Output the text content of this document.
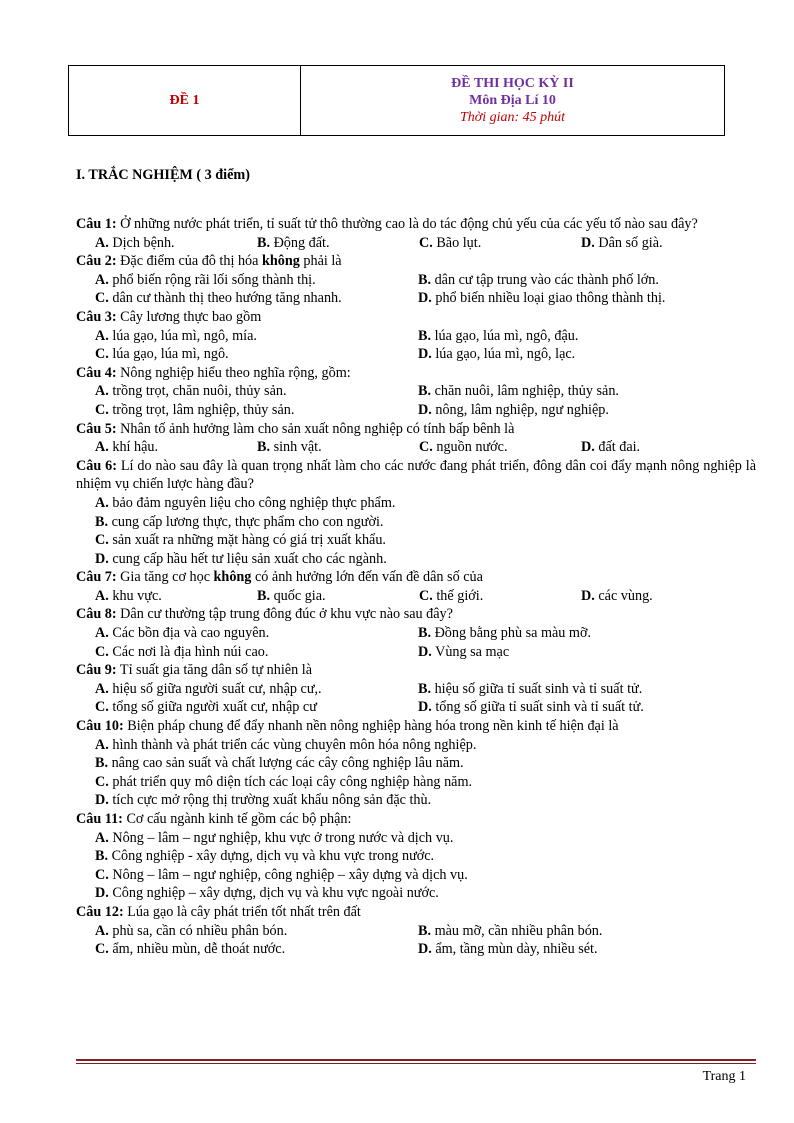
ĐỀ 1	
ĐỀ THI HỌC KỲ II
Môn Địa Lí 10
Thời gian: 45 phút
I. TRẮC NGHIỆM ( 3 điểm)
Câu 1: Ở những nước phát triển, tỉ suất tử thô thường cao là do tác động chủ yếu của các yếu tố nào sau đây?
A. Dịch bệnh.	B. Động đất.	C. Bão lụt.	D. Dân số già.
Câu 2: Đặc điểm của đô thị hóa không phải là
A. phổ biến rộng rãi lối sống thành thị.	B. dân cư tập trung vào các thành phố lớn.
C. dân cư thành thị theo hướng tăng nhanh.	D. phổ biến nhiều loại giao thông thành thị.
Câu 3: Cây lương thực bao gồm
A. lúa gạo, lúa mì, ngô, mía.	B. lúa gạo, lúa mì, ngô, đậu.
C. lúa gạo, lúa mì, ngô.	D. lúa gạo, lúa mì, ngô, lạc.
Câu 4: Nông nghiệp hiểu theo nghĩa rộng, gồm:
A. trồng trọt, chăn nuôi, thủy sản.	B. chăn nuôi, lâm nghiệp, thủy sản.
C. trồng trọt, lâm nghiệp, thủy sản.	D. nông, lâm nghiệp, ngư nghiệp.
Câu 5: Nhân tố ảnh hưởng làm cho sản xuất nông nghiệp có tính bấp bênh là
A. khí hậu.	B. sinh vật.	C. nguồn nước.	D. đất đai.
Câu 6: Lí do nào sau đây là quan trọng nhất làm cho các nước đang phát triển, đông dân coi đẩy mạnh nông nghiệp là nhiệm vụ chiến lược hàng đầu?
A. bảo đảm nguyên liệu cho công nghiệp thực phẩm.
B. cung cấp lương thực, thực phẩm cho con người.
C. sản xuất ra những mặt hàng có giá trị xuất khẩu.
D. cung cấp hầu hết tư liệu sản xuất cho các ngành.
Câu 7: Gia tăng cơ học không có ảnh hưởng lớn đến vấn đề dân số của
A. khu vực.	B. quốc gia.	C. thế giới.	D. các vùng.
Câu 8: Dân cư thường tập trung đông đúc ở khu vực nào sau đây?
A. Các bồn địa và cao nguyên.	B. Đồng bằng phù sa màu mỡ.
C. Các nơi là địa hình núi cao.	D. Vùng sa mạc
Câu 9: Tỉ suất gia tăng dân số tự nhiên là
A. hiệu số giữa người suất cư, nhập cư,.	B. hiệu số giữa tỉ suất sinh và tỉ suất tử.
C. tổng số giữa người xuất cư, nhập cư	D. tổng số giữa tỉ suất sinh và tỉ suất tử.
Câu 10: Biện pháp chung để đẩy nhanh nền nông nghiệp hàng hóa trong nền kinh tế hiện đại là
A. hình thành và phát triển các vùng chuyên môn hóa nông nghiệp.
B. nâng cao sản suất và chất lượng các cây công nghiệp lâu năm.
C. phát triển quy mô diện tích các loại cây công nghiệp hàng năm.
D. tích cực mở rộng thị trường xuất khẩu nông sản đặc thù.
Câu 11: Cơ cấu ngành kinh tế gồm các bộ phận:
A. Nông – lâm – ngư nghiệp, khu vực ở trong nước và dịch vụ.
B. Công nghiệp - xây dựng, dịch vụ và khu vực trong nước.
C. Nông – lâm – ngư nghiệp, công nghiệp – xây dựng và dịch vụ.
D. Công nghiệp – xây dựng, dịch vụ và khu vực ngoài nước.
Câu 12: Lúa gạo là cây phát triển tốt nhất trên đất
A. phù sa, cần có nhiều phân bón.	B. màu mỡ, cần nhiều phân bón.
C. ẩm, nhiều mùn, dễ thoát nước.	D. ẩm, tầng mùn dày, nhiều sét.
Trang 1
